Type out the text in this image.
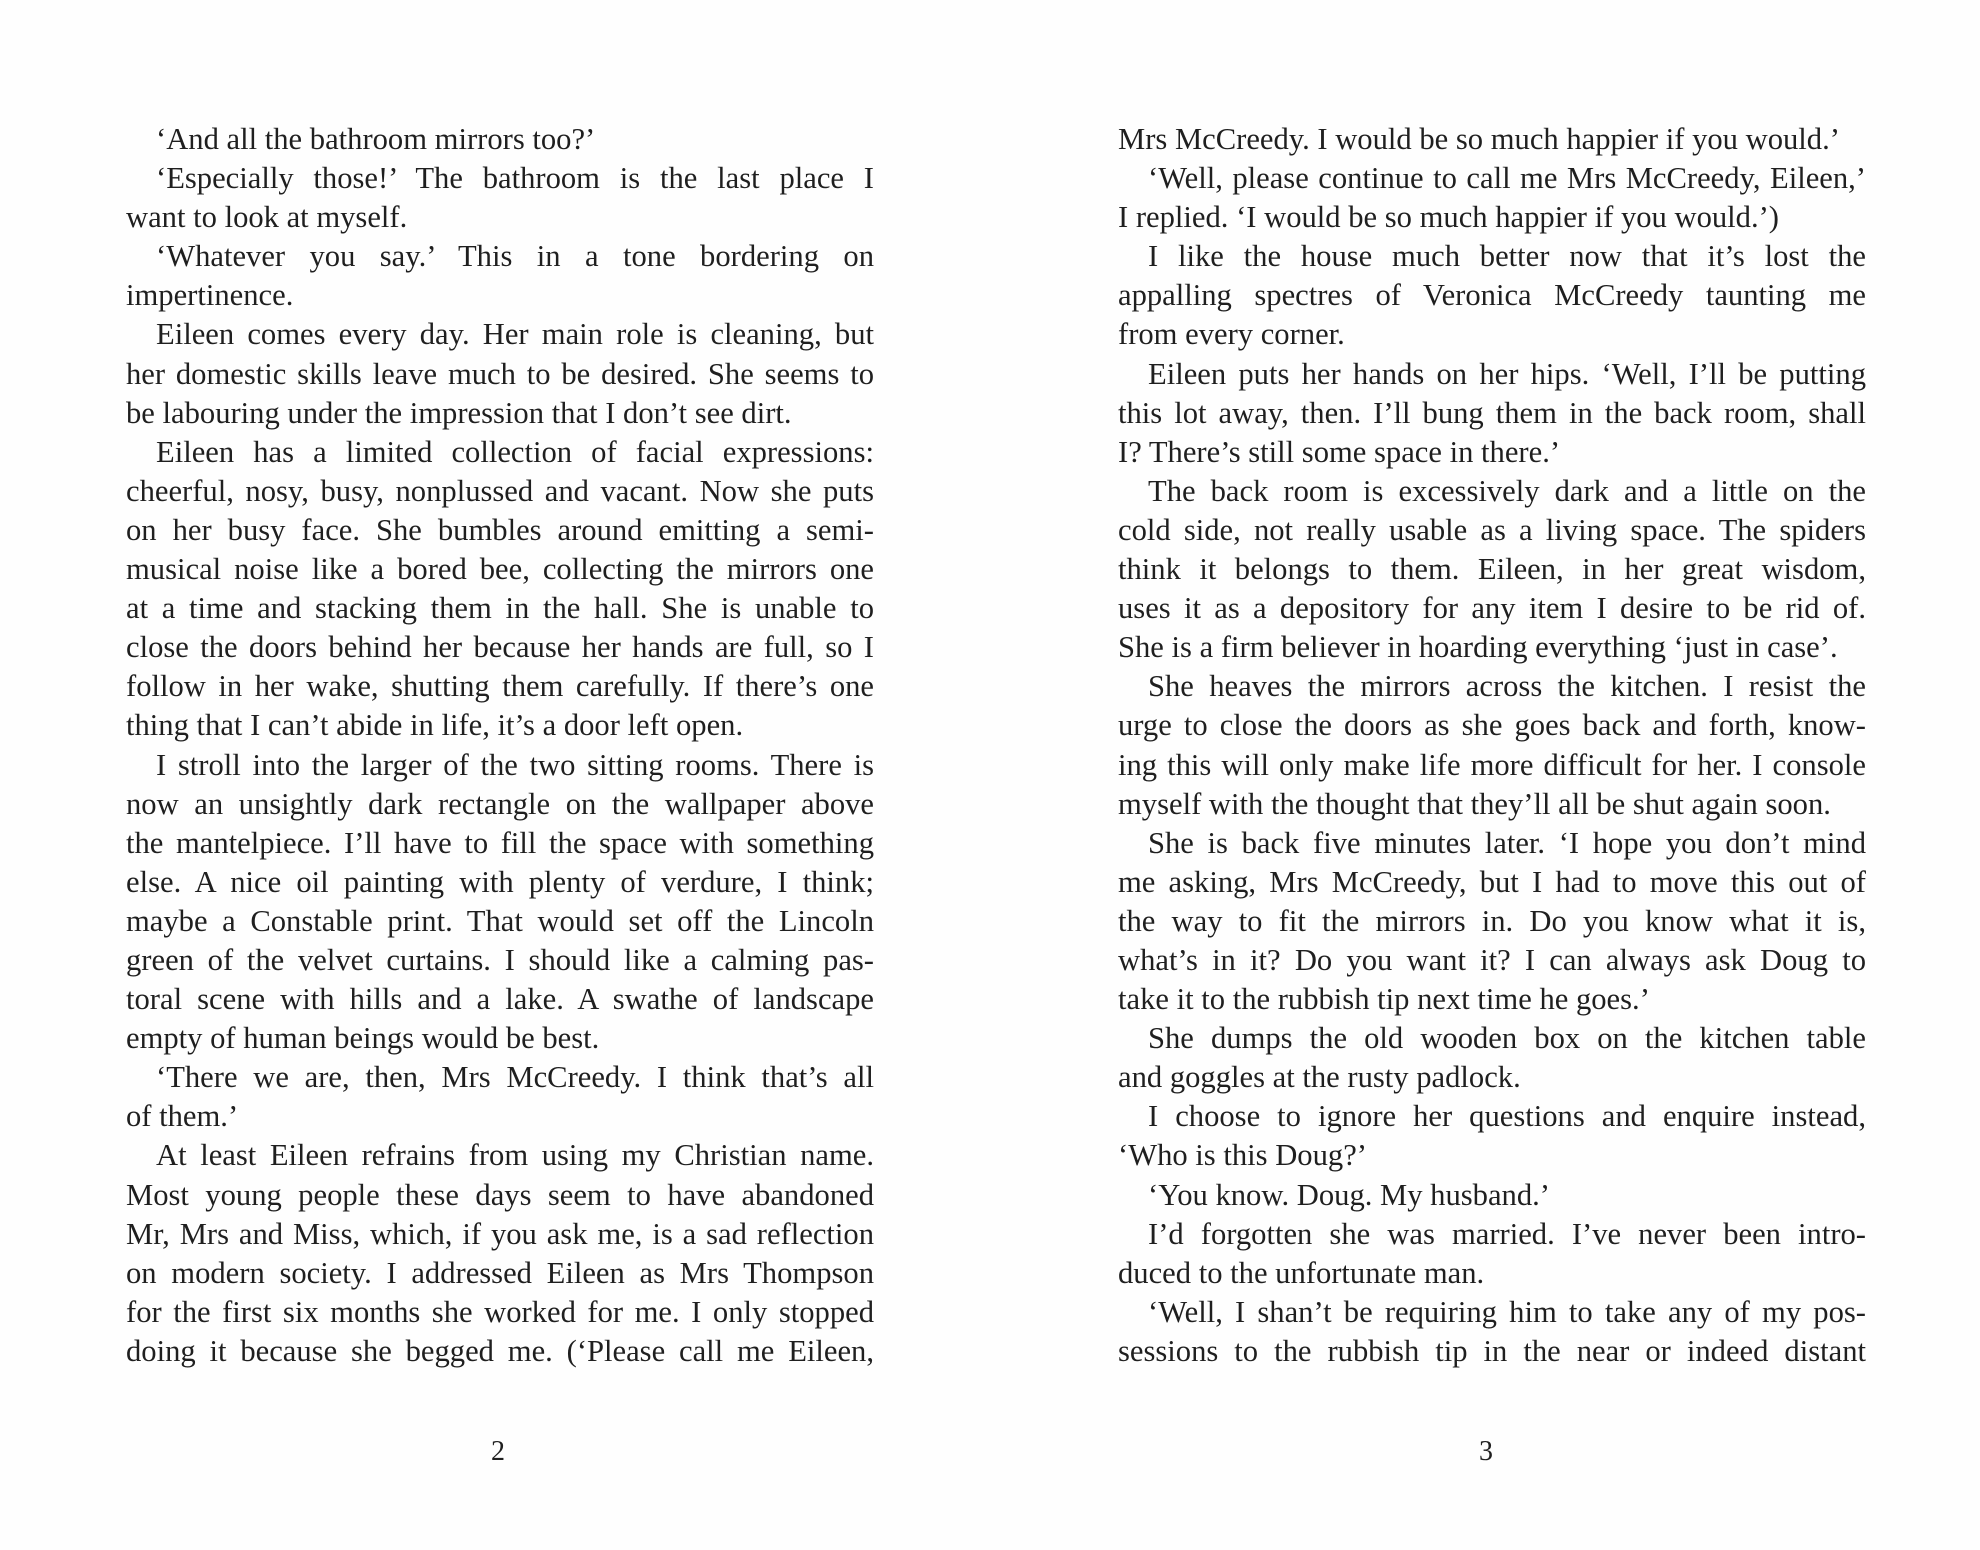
‘And all the bathroom mirrors too?’
‘Especially those!’ The bathroom is the last place I
want to look at myself.
‘Whatever you say.’ This in a tone bordering on
impertinence.
Eileen comes every day. Her main role is cleaning, but
her domestic skills leave much to be desired. She seems to
be labouring under the impression that I don’t see dirt.
Eileen has a limited collection of facial expressions:
cheerful, nosy, busy, nonplussed and vacant. Now she puts
on her busy face. She bumbles around emitting a semi-
musical noise like a bored bee, collecting the mirrors one
at a time and stacking them in the hall. She is unable to
close the doors behind her because her hands are full, so I
follow in her wake, shutting them carefully. If there’s one
thing that I can’t abide in life, it’s a door left open.
I stroll into the larger of the two sitting rooms. There is
now an unsightly dark rectangle on the wallpaper above
the mantelpiece. I’ll have to fill the space with something
else. A nice oil painting with plenty of verdure, I think;
maybe a Constable print. That would set off the Lincoln
green of the velvet curtains. I should like a calming pas-
toral scene with hills and a lake. A swathe of landscape
empty of human beings would be best.
‘There we are, then, Mrs McCreedy. I think that’s all
of them.’
At least Eileen refrains from using my Christian name.
Most young people these days seem to have abandoned
Mr, Mrs and Miss, which, if you ask me, is a sad reflection
on modern society. I addressed Eileen as Mrs Thompson
for the first six months she worked for me. I only stopped
doing it because she begged me. (‘Please call me Eileen,
2
Mrs McCreedy. I would be so much happier if you would.’
‘Well, please continue to call me Mrs McCreedy, Eileen,’
I replied. ‘I would be so much happier if you would.’)
I like the house much better now that it’s lost the
appalling spectres of Veronica McCreedy taunting me
from every corner.
Eileen puts her hands on her hips. ‘Well, I’ll be putting
this lot away, then. I’ll bung them in the back room, shall
I? There’s still some space in there.’
The back room is excessively dark and a little on the
cold side, not really usable as a living space. The spiders
think it belongs to them. Eileen, in her great wisdom,
uses it as a depository for any item I desire to be rid of.
She is a firm believer in hoarding everything ‘just in case’.
She heaves the mirrors across the kitchen. I resist the
urge to close the doors as she goes back and forth, know-
ing this will only make life more difficult for her. I console
myself with the thought that they’ll all be shut again soon.
She is back five minutes later. ‘I hope you don’t mind
me asking, Mrs McCreedy, but I had to move this out of
the way to fit the mirrors in. Do you know what it is,
what’s in it? Do you want it? I can always ask Doug to
take it to the rubbish tip next time he goes.’
She dumps the old wooden box on the kitchen table
and goggles at the rusty padlock.
I choose to ignore her questions and enquire instead,
‘Who is this Doug?’
‘You know. Doug. My husband.’
I’d forgotten she was married. I’ve never been intro-
duced to the unfortunate man.
‘Well, I shan’t be requiring him to take any of my pos-
sessions to the rubbish tip in the near or indeed distant
3
